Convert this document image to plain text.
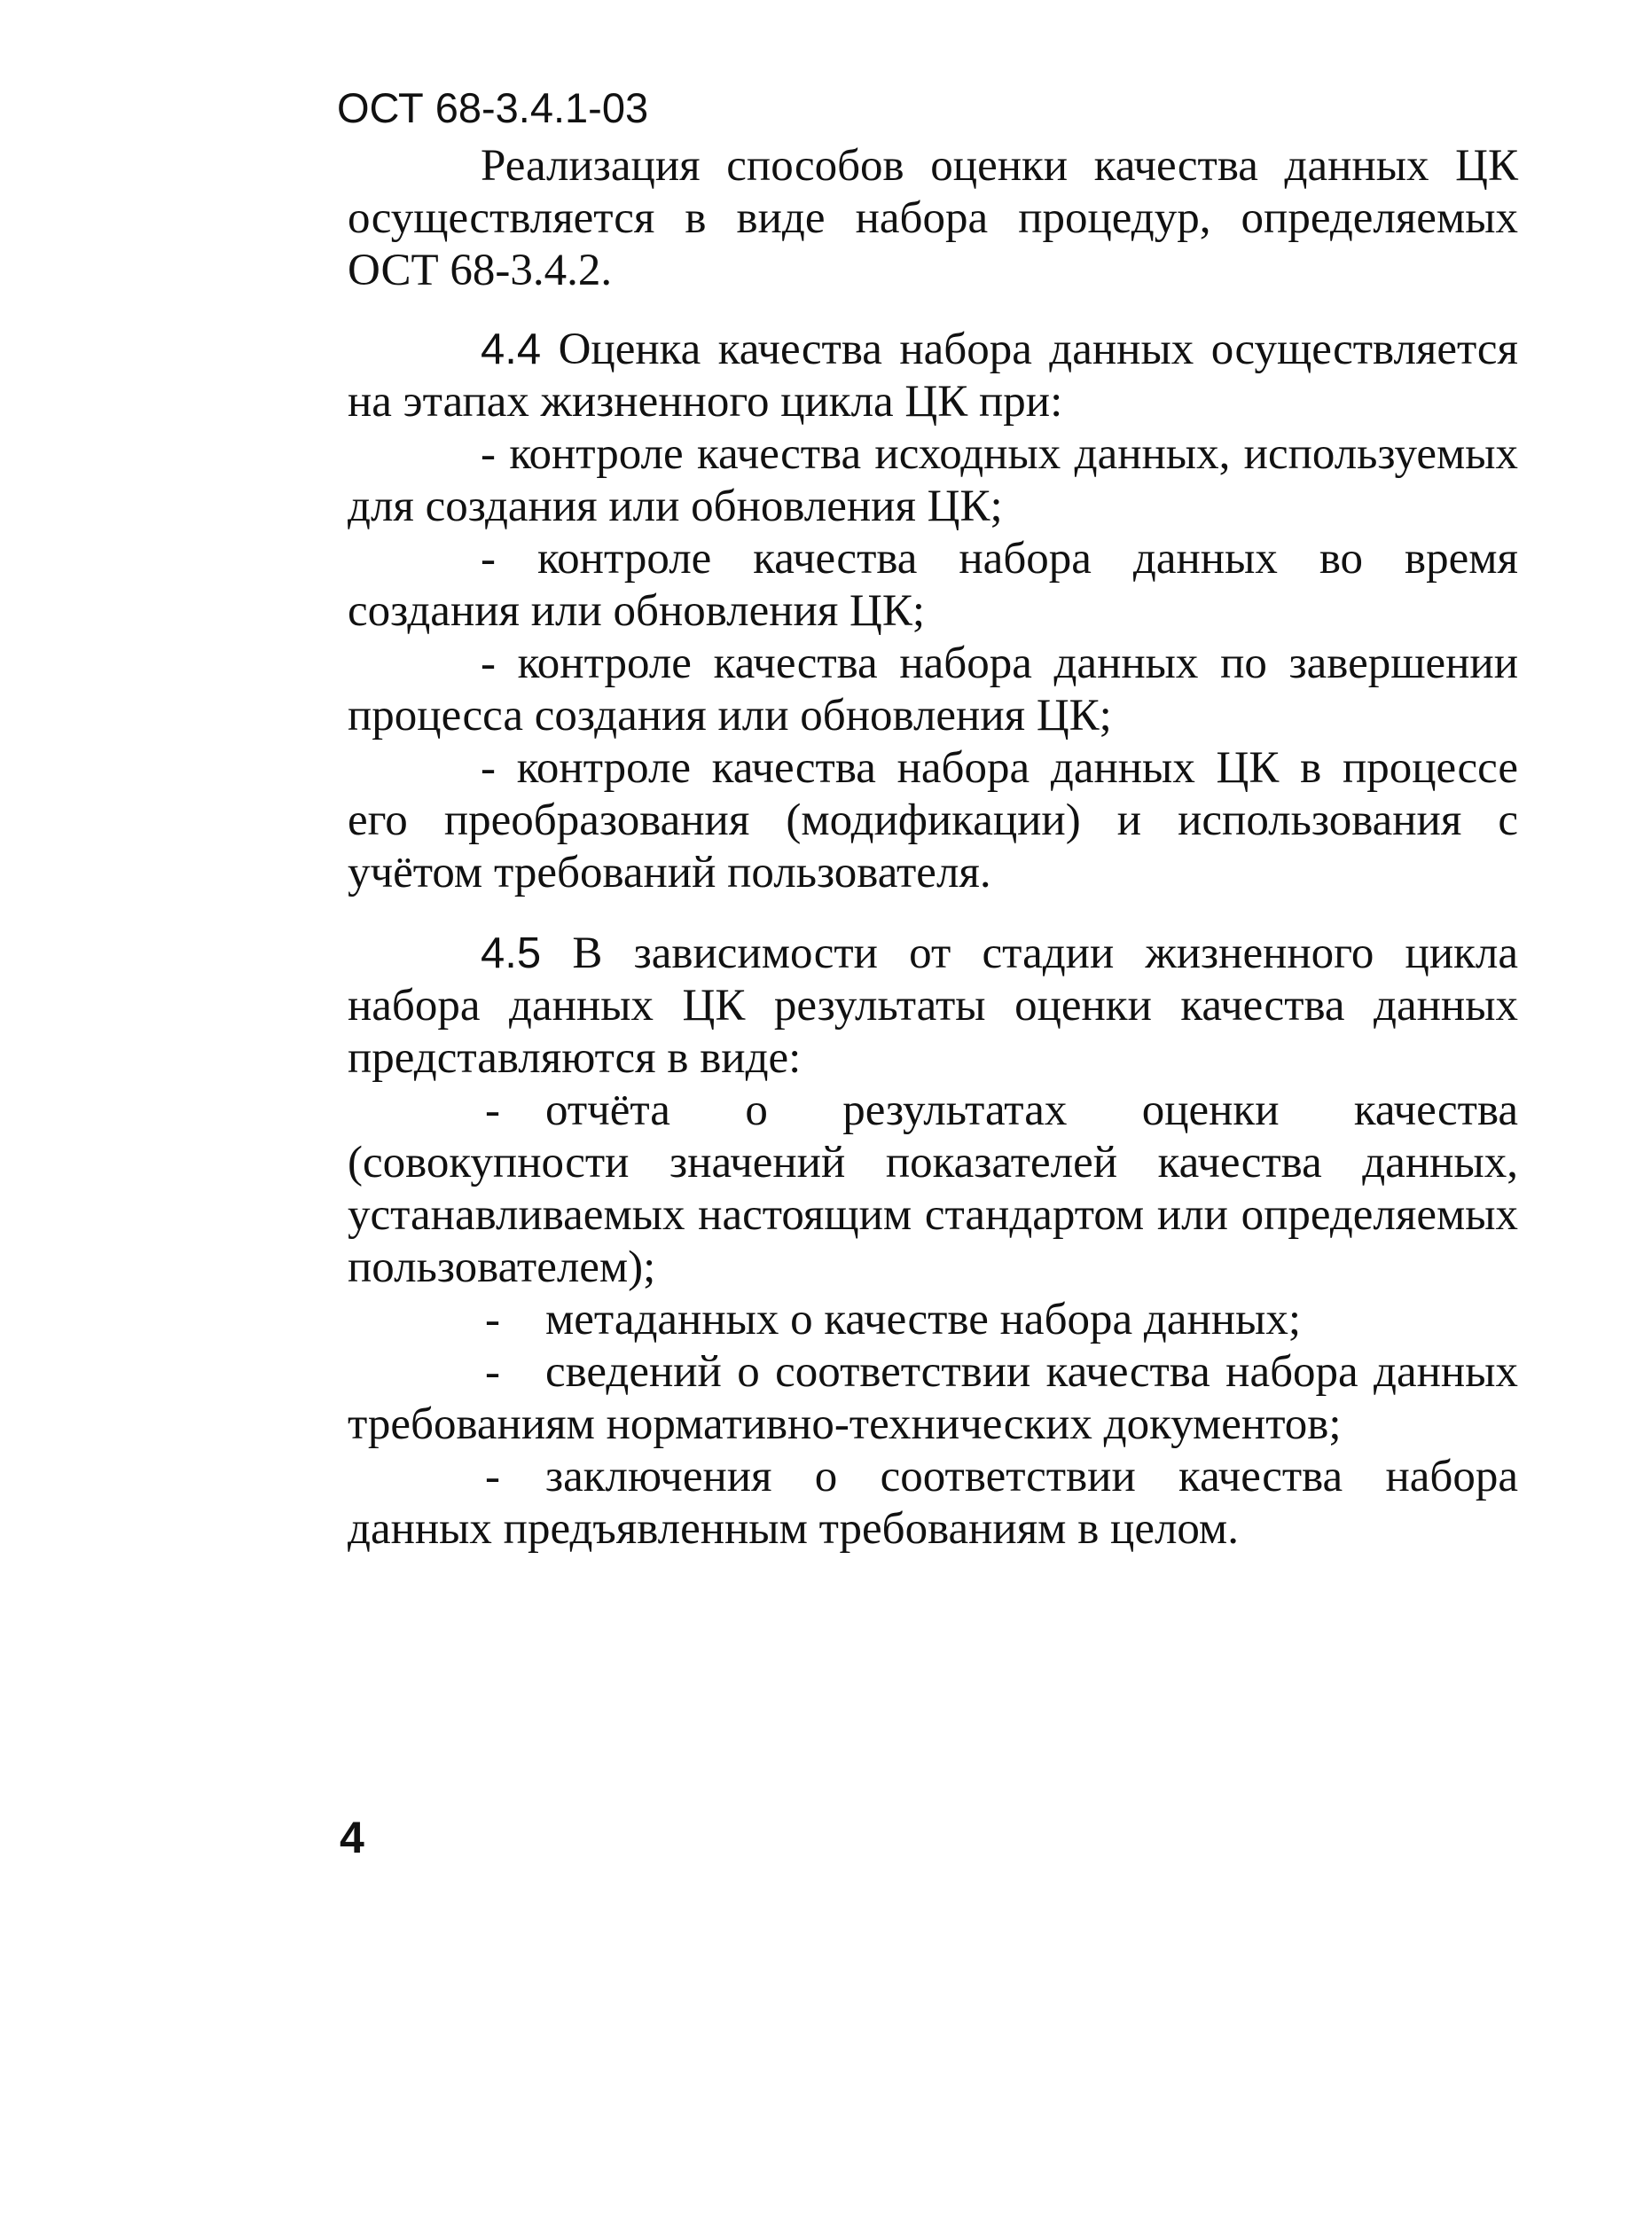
ОСТ 68-3.4.1-03

Реализация способов оценки качества данных ЦК осуществляется в виде набора процедур, определяемых ОСТ 68-3.4.2.

4.4 Оценка качества набора данных осуществляется на этапах жизненного цикла ЦК при:

- контроле качества исходных данных, используемых для создания или обновления ЦК;

- контроле качества набора данных во время создания или обновления ЦК;

- контроле качества набора данных по завершении процесса создания или обновления ЦК;

- контроле качества набора данных ЦК в процессе его преобразования (модификации) и использования с учётом требований пользователя.

4.5 В зависимости от стадии жизненного цикла набора данных ЦК результаты оценки качества данных представляются в виде:

- отчёта о результатах оценки качества (совокупности значений показателей качества данных, устанавливаемых настоящим стандартом или определяемых пользователем);

- метаданных о качестве набора данных;

- сведений о соответствии качества набора данных требованиям нормативно-технических документов;

- заключения о соответствии качества набора данных предъявленным требованиям в целом.

4
